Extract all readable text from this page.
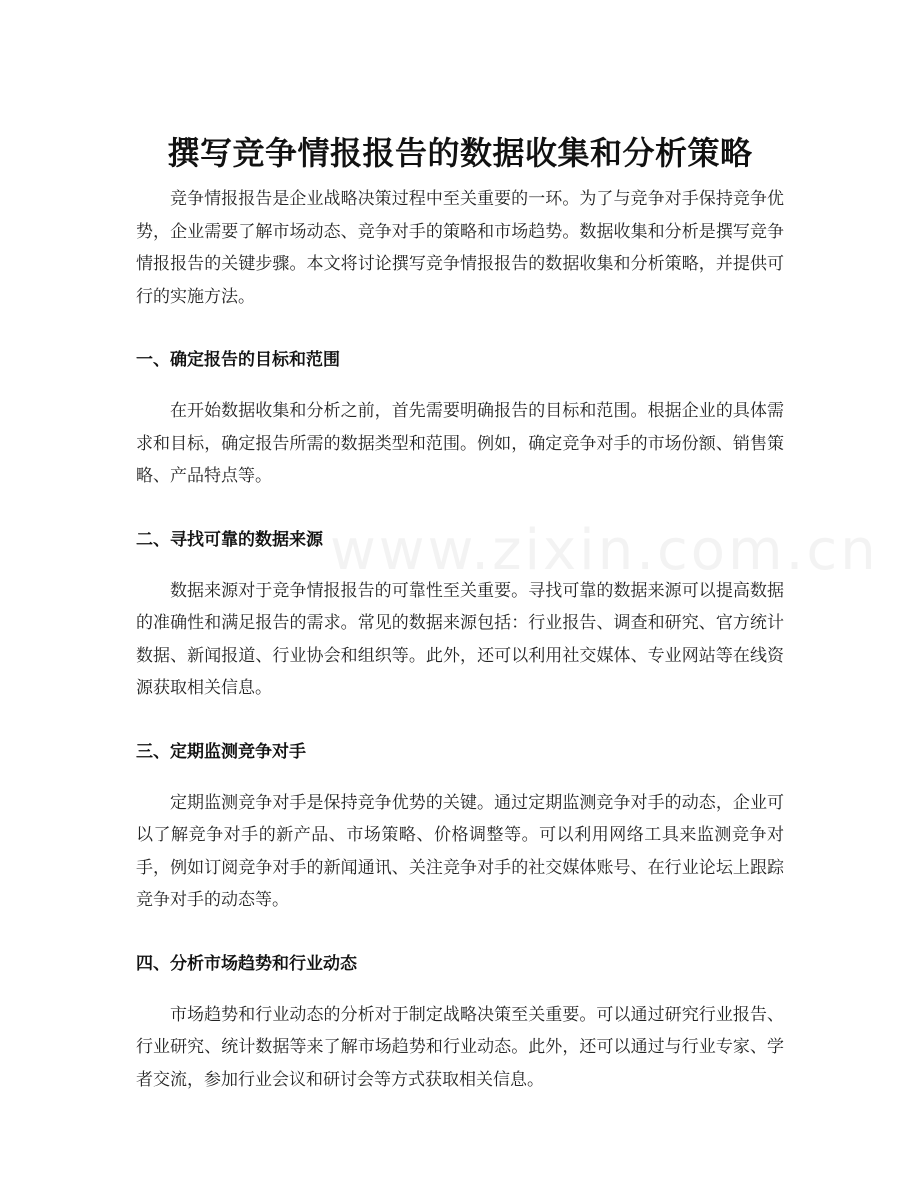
www.zixin.com.cn
撰写竞争情报报告的数据收集和分析策略

竞争情报报告是企业战略决策过程中至关重要的一环。为了与竞争对手保持竞争优势，企业需要了解市场动态、竞争对手的策略和市场趋势。数据收集和分析是撰写竞争情报报告的关键步骤。本文将讨论撰写竞争情报报告的数据收集和分析策略，并提供可行的实施方法。

一、确定报告的目标和范围

在开始数据收集和分析之前，首先需要明确报告的目标和范围。根据企业的具体需求和目标，确定报告所需的数据类型和范围。例如，确定竞争对手的市场份额、销售策略、产品特点等。

二、寻找可靠的数据来源

数据来源对于竞争情报报告的可靠性至关重要。寻找可靠的数据来源可以提高数据的准确性和满足报告的需求。常见的数据来源包括：行业报告、调查和研究、官方统计数据、新闻报道、行业协会和组织等。此外，还可以利用社交媒体、专业网站等在线资源获取相关信息。

三、定期监测竞争对手

定期监测竞争对手是保持竞争优势的关键。通过定期监测竞争对手的动态，企业可以了解竞争对手的新产品、市场策略、价格调整等。可以利用网络工具来监测竞争对手，例如订阅竞争对手的新闻通讯、关注竞争对手的社交媒体账号、在行业论坛上跟踪竞争对手的动态等。

四、分析市场趋势和行业动态

市场趋势和行业动态的分析对于制定战略决策至关重要。可以通过研究行业报告、行业研究、统计数据等来了解市场趋势和行业动态。此外，还可以通过与行业专家、学者交流，参加行业会议和研讨会等方式获取相关信息。
